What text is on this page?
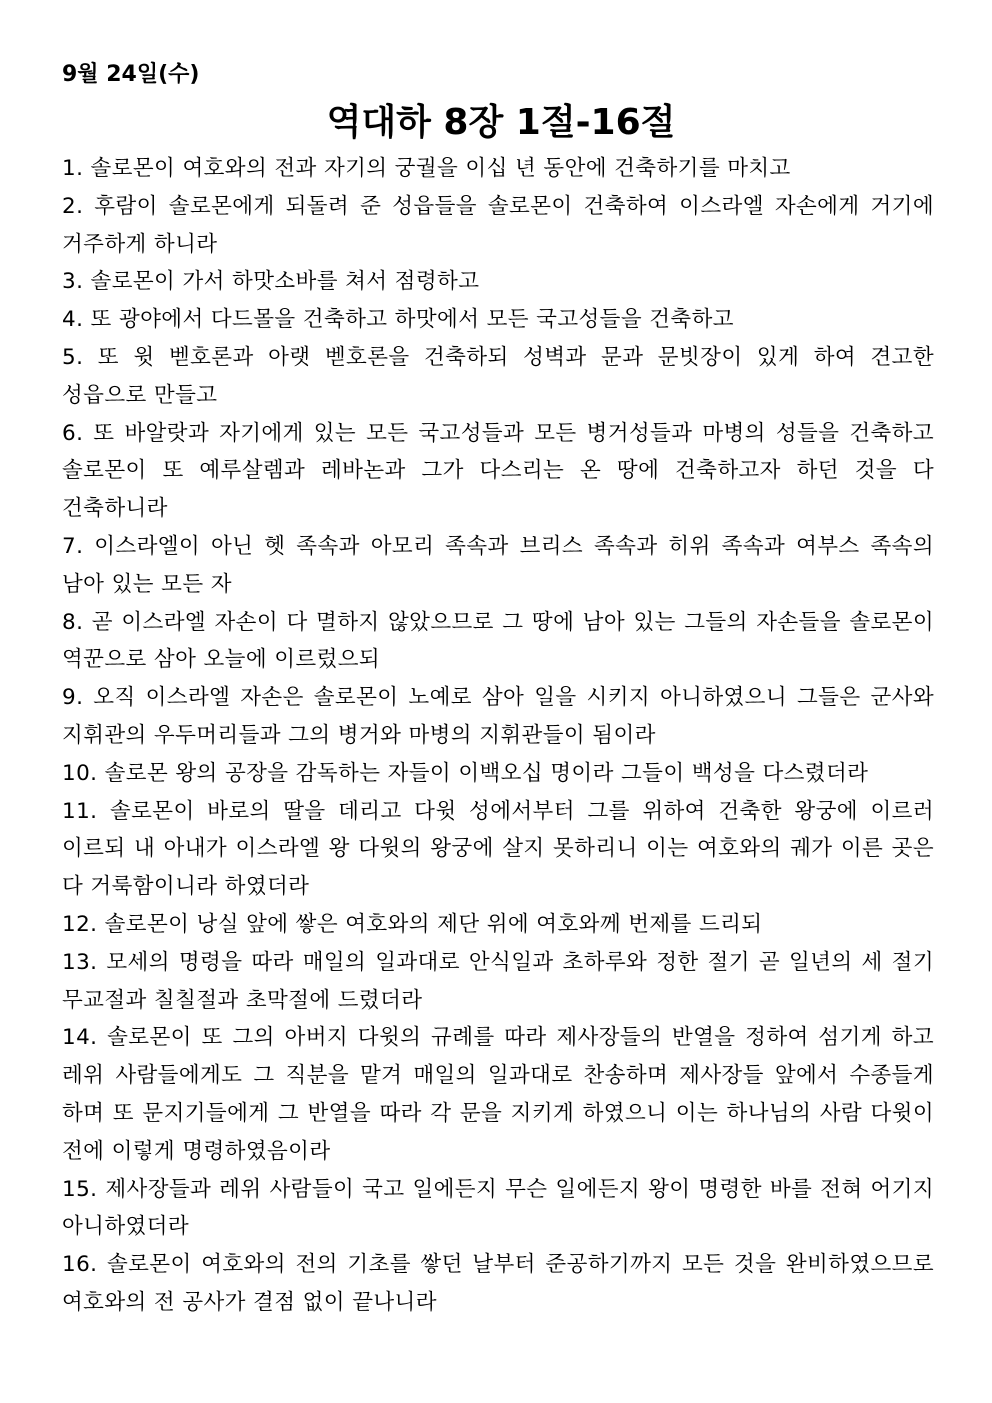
9월 24일(수)
역대하 8장 1절-16절

1. 솔로몬이 여호와의 전과 자기의 궁궐을 이십 년 동안에 건축하기를 마치고

2. 후람이 솔로몬에게 되돌려 준 성읍들을 솔로몬이 건축하여 이스라엘 자손에게 거기에 거주하게 하니라

3. 솔로몬이 가서 하맛소바를 쳐서 점령하고

4. 또 광야에서 다드몰을 건축하고 하맛에서 모든 국고성들을 건축하고

5. 또 윗 벧호론과 아랫 벧호론을 건축하되 성벽과 문과 문빗장이 있게 하여 견고한 성읍으로 만들고

6. 또 바알랏과 자기에게 있는 모든 국고성들과 모든 병거성들과 마병의 성들을 건축하고 솔로몬이 또 예루살렘과 레바논과 그가 다스리는 온 땅에 건축하고자 하던 것을 다 건축하니라

7. 이스라엘이 아닌 헷 족속과 아모리 족속과 브리스 족속과 히위 족속과 여부스 족속의 남아 있는 모든 자

8. 곧 이스라엘 자손이 다 멸하지 않았으므로 그 땅에 남아 있는 그들의 자손들을 솔로몬이 역꾼으로 삼아 오늘에 이르렀으되

9. 오직 이스라엘 자손은 솔로몬이 노예로 삼아 일을 시키지 아니하였으니 그들은 군사와 지휘관의 우두머리들과 그의 병거와 마병의 지휘관들이 됨이라

10. 솔로몬 왕의 공장을 감독하는 자들이 이백오십 명이라 그들이 백성을 다스렸더라

11. 솔로몬이 바로의 딸을 데리고 다윗 성에서부터 그를 위하여 건축한 왕궁에 이르러 이르되 내 아내가 이스라엘 왕 다윗의 왕궁에 살지 못하리니 이는 여호와의 궤가 이른 곳은 다 거룩함이니라 하였더라

12. 솔로몬이 낭실 앞에 쌓은 여호와의 제단 위에 여호와께 번제를 드리되

13. 모세의 명령을 따라 매일의 일과대로 안식일과 초하루와 정한 절기 곧 일년의 세 절기 무교절과 칠칠절과 초막절에 드렸더라

14. 솔로몬이 또 그의 아버지 다윗의 규례를 따라 제사장들의 반열을 정하여 섬기게 하고 레위 사람들에게도 그 직분을 맡겨 매일의 일과대로 찬송하며 제사장들 앞에서 수종들게 하며 또 문지기들에게 그 반열을 따라 각 문을 지키게 하였으니 이는 하나님의 사람 다윗이 전에 이렇게 명령하였음이라

15. 제사장들과 레위 사람들이 국고 일에든지 무슨 일에든지 왕이 명령한 바를 전혀 어기지 아니하였더라

16. 솔로몬이 여호와의 전의 기초를 쌓던 날부터 준공하기까지 모든 것을 완비하였으므로 여호와의 전 공사가 결점 없이 끝나니라
